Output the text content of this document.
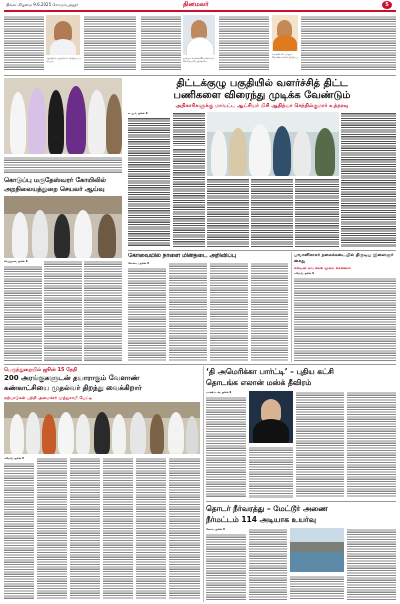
திங்கட்கிழமை 9.6.2025 கோயம்புத்தூர்	தினமலர்	5
ஆந்திரம் முதல்வர் சந்திரபாபு நாயுடு
தமிழக காங்கிரஸ் தலைவர் செல்வப்பெருந்தகை
வாரணாசி பாஜக தொண்டர்கள் சந்திப்பு
கொடுப்பு மருதேஸ்வரர் கோயிலில்
அறநிலையத்துறை செயலர் ஆய்வு
விருதுநகர், ஜூன் 9
திட்டக்குழு பகுதியில் வளர்ச்சித் திட்ட
பணிகளை விரைந்து முடிக்க வேண்டும்
அதிகாரிகளுக்கு மாவட்ட ஆட்சியர் பிசி ஆதித்யா செந்தில்குமார் உத்தரவு
கடலூர், ஜூன் 9
கோவையில் நாளை மின்தடை அறிவிப்பு
கோவை, ஜூன் 9
பவானிசாகர் நகைக்கடையில் திருடிய இளைஞர் கைது
சிசிடிவி காட்சிகள் மூலம் சிக்கினார்
ஈரோடு, ஜூன் 9
பெருந்துறையில் ஜூன் 15 தேதி
200 அரங்குகளுடன் தயாராகும் வேளாண்
கண்காட்சியை முதல்வர் திறந்து வைக்கிறார்
ஏற்பாடுகள் பற்றி அமைச்சர் முத்துசாமி பேட்டி
ஈரோடு, ஜூன் 9
‘தி அமெரிக்கா பார்ட்டி’ – புதிய கட்சி
தொடங்க எலான் மஸ்க் தீவிரம்
வாஷிங்டன், ஜூன் 9
தொடர் நீர்வரத்து – மேட்டூர் அணை
நீர்மட்டம் 114 அடியாக உயர்வு
சேலம், ஜூன் 9
